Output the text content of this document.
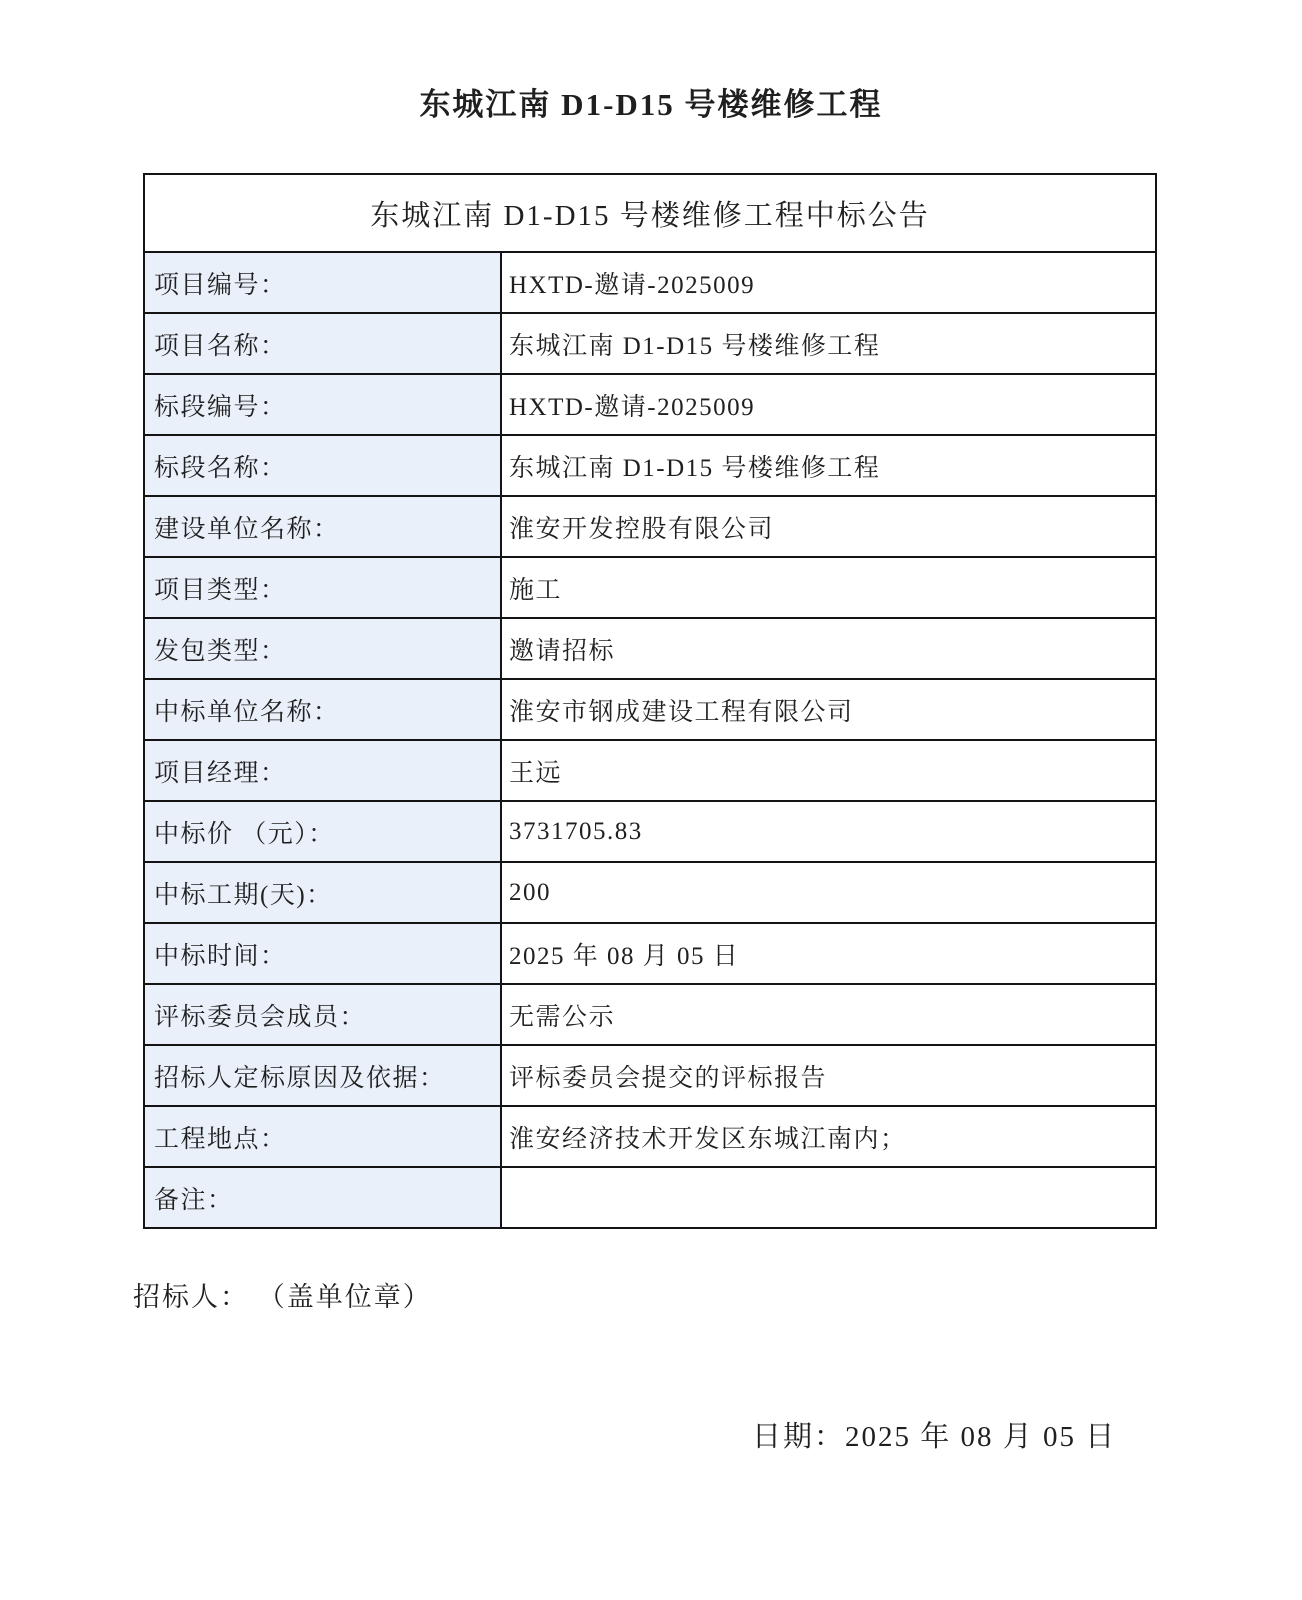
东城江南 D1-D15 号楼维修工程
东城江南 D1-D15 号楼维修工程中标公告	
项目编号：	HXTD-邀请-2025009
项目名称：	东城江南 D1-D15 号楼维修工程
标段编号：	HXTD-邀请-2025009
标段名称：	东城江南 D1-D15 号楼维修工程
建设单位名称：	淮安开发控股有限公司
项目类型：	施工
发包类型：	邀请招标
中标单位名称：	淮安市钢成建设工程有限公司
项目经理：	王远
中标价 （元）：	3731705.83
中标工期(天)：	200
中标时间：	2025 年 08 月 05 日
评标委员会成员：	无需公示
招标人定标原因及依据：	评标委员会提交的评标报告
工程地点：	淮安经济技术开发区东城江南内；
备注：	
招标人： （盖单位章）
日期：2025 年 08 月 05 日
